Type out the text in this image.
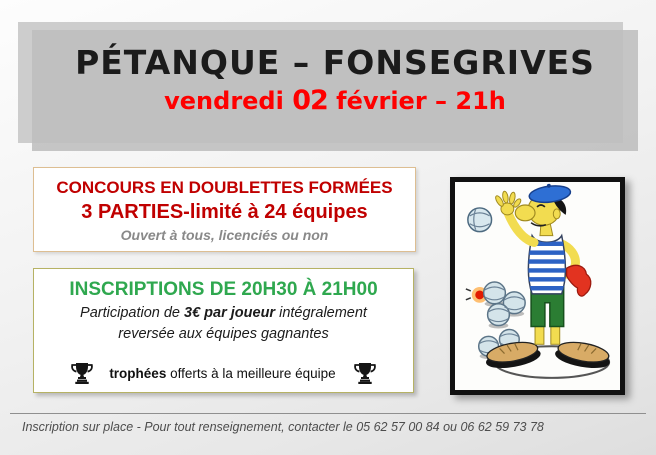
PÉTANQUE – FONSEGRIVES
vendredi 02 février – 21h
CONCOURS EN DOUBLETTES FORMÉES
3 PARTIES-limité à 24 équipes
Ouvert à tous, licenciés ou non
INSCRIPTIONS DE 20H30 À 21H00
Participation de 3€ par joueur intégralement
reversée aux équipes gagnantes
trophées offerts à la meilleure équipe
Inscription sur place - Pour tout renseignement, contacter le 05 62 57 00 84 ou 06 62 59 73 78
